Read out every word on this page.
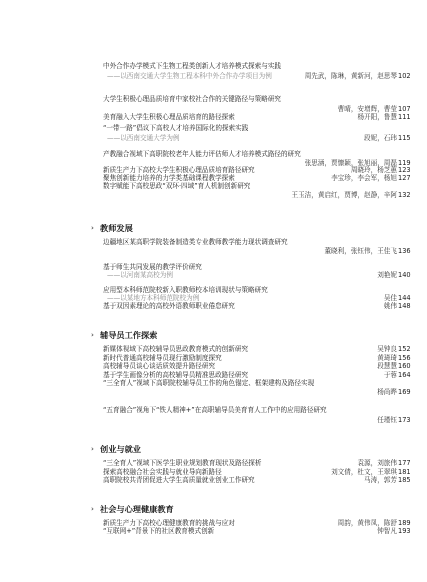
中外合作办学模式下生物工程类创新人才培养模式探索与实践
——以西南交通大学生物工程本科中外合作办学项目为例	周先武，陈琳，黄新河，赵思琴 102
大学生积极心理品质培育中家校社合作的关键路径与策略研究
曹晴，安增辉，曹莹 107
美育融入大学生积极心理品质培育的路径探索	杨开阳，鲁慧 111
“一带一路”倡议下高校人才培养国际化的探索实践
——以西南交通大学为例	段妮，石玮 115
产教融合视域下高职院校老年人能力评估师人才培养模式路径的研究
张思涵，贾慷颖，张旭丽，周磊 119
新质生产力下高校大学生积极心理品质培育路径研究	周晓玲，杨芝蕙 123
聚焦创新能力培养的力学类基础课程教学探索	李宝珍，李会军，杨旭 127
数字赋能下高校思政“双环·四域”育人机制创新研究
王玉洁，黄启红，贾博，赵静，辛阿 132
› 教师发展
边疆地区某高职学院装备制造类专业教师教学能力现状调查研究
董晓利，张钰伟，王佳飞 136
基于师生共同发展的教学评价研究
——以河南某高校为例	刘艳妮 140
应用型本科师范院校新入职教师校本培训现状与策略研究
——以某地方本科师范院校为例	吴佳 144
基于双因素理论的高校外语教师职业倦怠研究	姚伟 148
› 辅导员工作探索
新媒体视域下高校辅导员思政教育模式的创新研究	吴钟良 152
新时代普通高校辅导员现行激励制度探究	黄琦琦 156
高校辅导员谈心谈话质效提升路径研究	段慧慧 160
基于学生画像分析的高校辅导员精准思政路径研究	于蓉 164
“三全育人”视域下高职院校辅导员工作的角色锚定、框架建构及路径实现
杨尚晔 169
“五育融合”视角下“铁人精神+”在高职辅导员美育育人工作中的应用路径研究
任瑾钰 173
› 创业与就业
“三全育人”视域下医学生职业规划教育现状及路径探析	袁源，刘旅伟 177
探索高校融合社会实践与就业导向新路径	刘文倩，杜文，王翠琪 181
高职院校共青团促进大学生高质量就业创业工作研究	马涛，郭芳 185
› 社会与心理健康教育
新质生产力下高校心理健康教育的挑战与应对	周韵，黄伟凤，陈舒 189
“互联网+”背景下的社区教育模式创新	钟智凡 193
